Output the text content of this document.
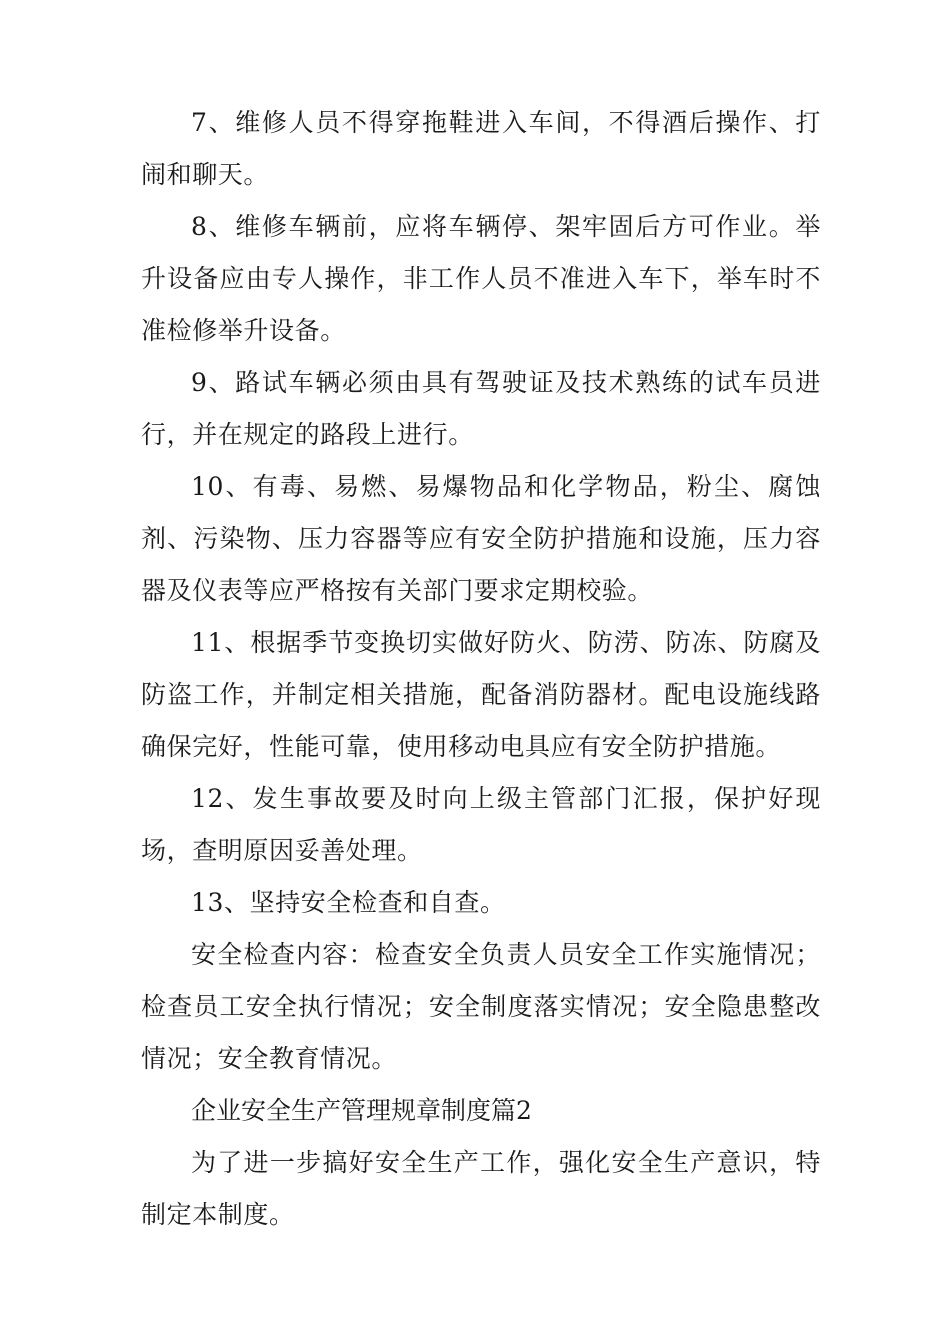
7、维修人员不得穿拖鞋进入车间，不得酒后操作、打闹和聊天。

8、维修车辆前，应将车辆停、架牢固后方可作业。举升设备应由专人操作，非工作人员不准进入车下，举车时不准检修举升设备。

9、路试车辆必须由具有驾驶证及技术熟练的试车员进行，并在规定的路段上进行。

10、有毒、易燃、易爆物品和化学物品，粉尘、腐蚀剂、污染物、压力容器等应有安全防护措施和设施，压力容器及仪表等应严格按有关部门要求定期校验。

11、根据季节变换切实做好防火、防涝、防冻、防腐及防盗工作，并制定相关措施，配备消防器材。配电设施线路确保完好，性能可靠，使用移动电具应有安全防护措施。

12、发生事故要及时向上级主管部门汇报，保护好现场，查明原因妥善处理。

13、坚持安全检查和自查。

安全检查内容：检查安全负责人员安全工作实施情况；检查员工安全执行情况；安全制度落实情况；安全隐患整改情况；安全教育情况。

企业安全生产管理规章制度篇2

为了进一步搞好安全生产工作，强化安全生产意识，特制定本制度。
